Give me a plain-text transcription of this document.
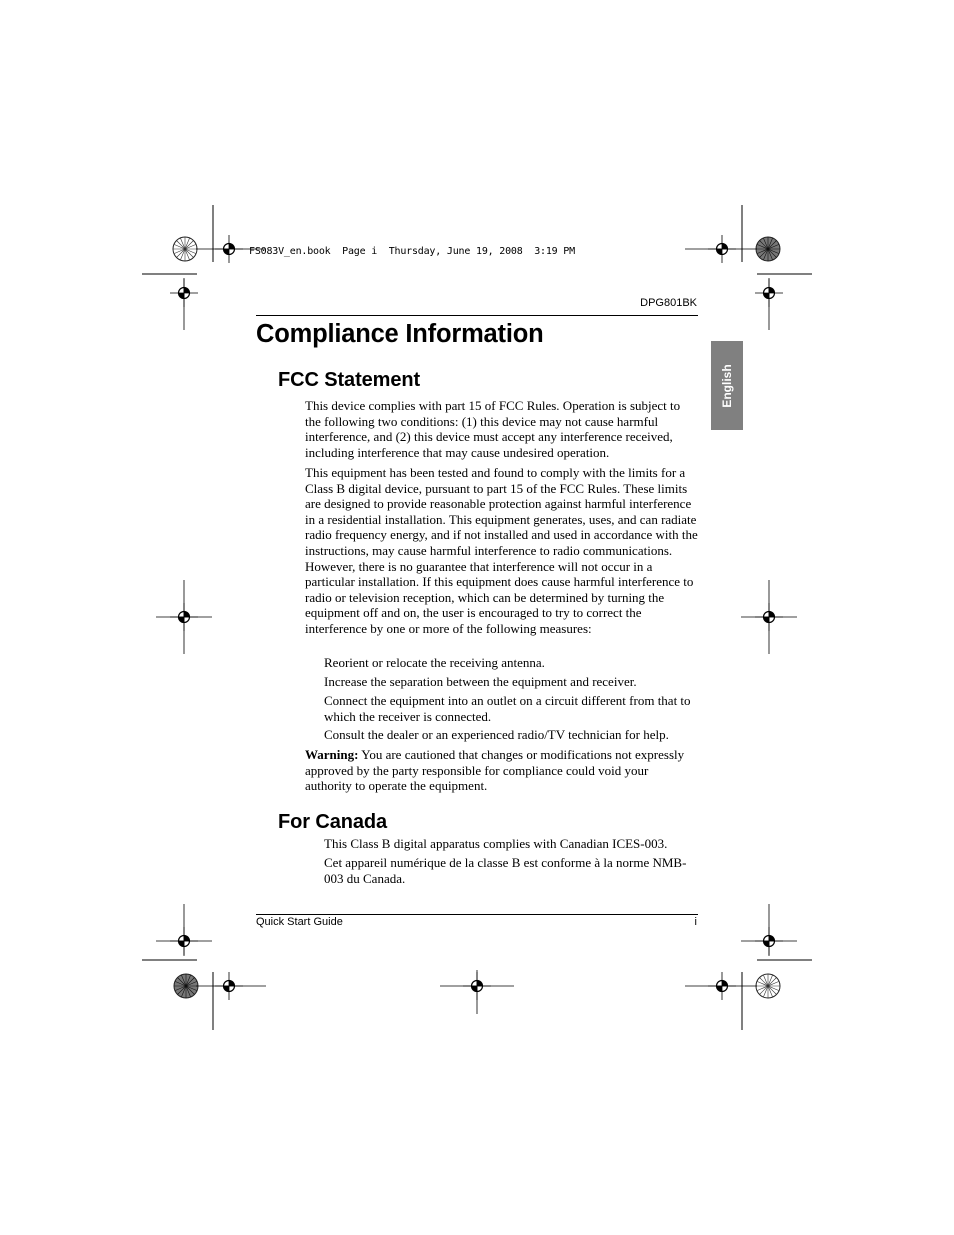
FS083V_en.book  Page i  Thursday, June 19, 2008  3:19 PM
DPG801BK
Compliance Information
English
FCC Statement

This device complies with part 15 of FCC Rules. Operation is subject to the following two conditions: (1) this device may not cause harmful interference, and (2) this device must accept any interference received, including interference that may cause undesired operation.

This equipment has been tested and found to comply with the limits for a Class B digital device, pursuant to part 15 of the FCC Rules. These limits are designed to provide reasonable protection against harmful interference in a residential installation. This equipment generates, uses, and can radiate radio frequency energy, and if not installed and used in accordance with the instructions, may cause harmful interference to radio communications. However, there is no guarantee that interference will not occur in a particular installation. If this equipment does cause harmful interference to radio or television reception, which can be determined by turning the equipment off and on, the user is encouraged to try to correct the interference by one or more of the following measures:

Reorient or relocate the receiving antenna.

Increase the separation between the equipment and receiver.

Connect the equipment into an outlet on a circuit different from that to which the receiver is connected.

Consult the dealer or an experienced radio/TV technician for help.

Warning: You are cautioned that changes or modifications not expressly approved by the party responsible for compliance could void your authority to operate the equipment.

For Canada

This Class B digital apparatus complies with Canadian ICES-003.

Cet appareil numérique de la classe B est conforme à la norme NMB-003 du Canada.

Quick Start Guide	i
